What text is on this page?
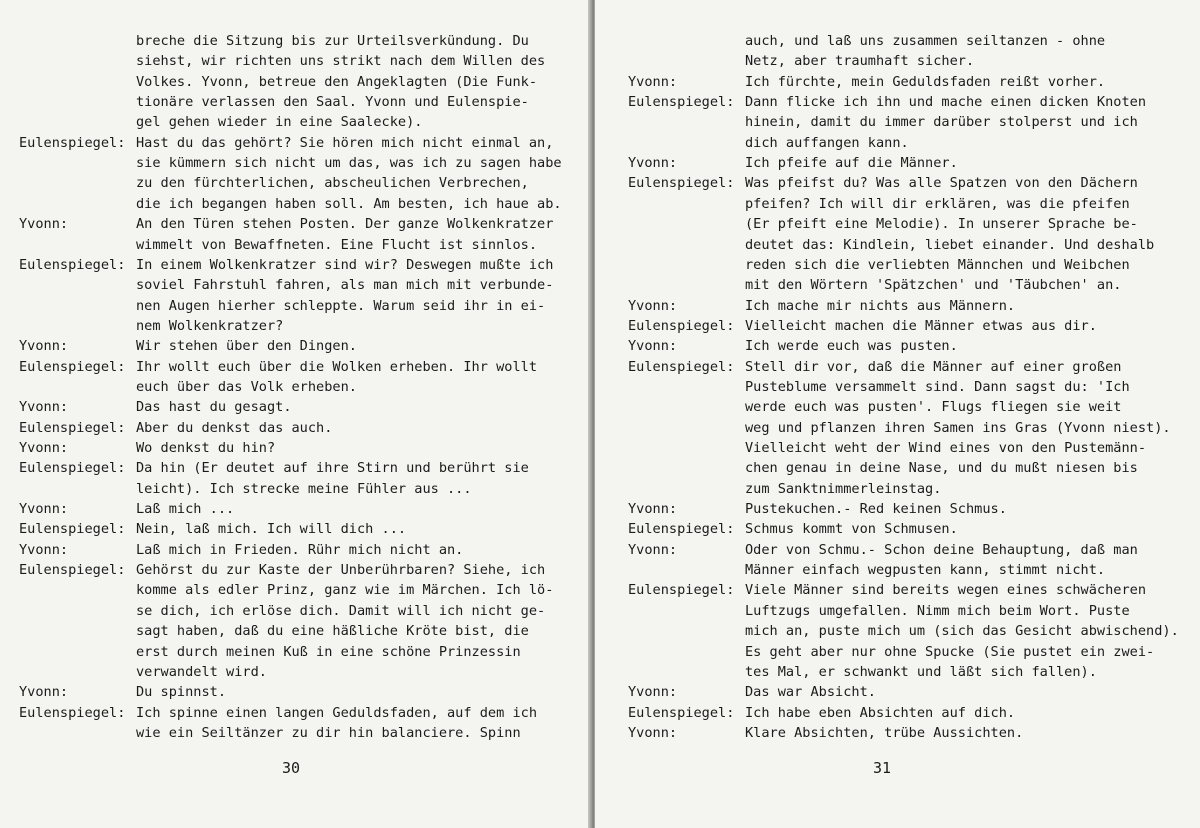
breche die Sitzung bis zur Urteilsverkündung. Du
siehst, wir richten uns strikt nach dem Willen des
Volkes. Yvonn, betreue den Angeklagten (Die Funk-
tionäre verlassen den Saal. Yvonn und Eulenspie-
gel gehen wieder in eine Saalecke).
Eulenspiegel: Hast du das gehört? Sie hören mich nicht einmal an,
sie kümmern sich nicht um das, was ich zu sagen habe
zu den fürchterlichen, abscheulichen Verbrechen,
die ich begangen haben soll. Am besten, ich haue ab.
Yvonn:	An den Türen stehen Posten. Der ganze Wolkenkratzer
wimmelt von Bewaffneten. Eine Flucht ist sinnlos.
Eulenspiegel: In einem Wolkenkratzer sind wir? Deswegen mußte ich
soviel Fahrstuhl fahren, als man mich mit verbunde-
nen Augen hierher schleppte. Warum seid ihr in ei-
nem Wolkenkratzer?
Yvonn:	Wir stehen über den Dingen.
Eulenspiegel: Ihr wollt euch über die Wolken erheben. Ihr wollt
euch über das Volk erheben.
Yvonn:	Das hast du gesagt.
Eulenspiegel: Aber du denkst das auch.
Yvonn:	Wo denkst du hin?
Eulenspiegel: Da hin (Er deutet auf ihre Stirn und berührt sie
leicht). Ich strecke meine Fühler aus ...
Yvonn:	Laß mich ...
Eulenspiegel: Nein, laß mich. Ich will dich ...
Yvonn:	Laß mich in Frieden. Rühr mich nicht an.
Eulenspiegel: Gehörst du zur Kaste der Unberührbaren? Siehe, ich
komme als edler Prinz, ganz wie im Märchen. Ich lö-
se dich, ich erlöse dich. Damit will ich nicht ge-
sagt haben, daß du eine häßliche Kröte bist, die
erst durch meinen Kuß in eine schöne Prinzessin
verwandelt wird.
Yvonn:	Du spinnst.
Eulenspiegel: Ich spinne einen langen Geduldsfaden, auf dem ich
wie ein Seiltänzer zu dir hin balanciere. Spinn
30
auch, und laß uns zusammen seiltanzen - ohne
Netz, aber traumhaft sicher.
Yvonn:	Ich fürchte, mein Geduldsfaden reißt vorher.
Eulenspiegel: Dann flicke ich ihn und mache einen dicken Knoten
hinein, damit du immer darüber stolperst und ich
dich auffangen kann.
Yvonn:	Ich pfeife auf die Männer.
Eulenspiegel: Was pfeifst du? Was alle Spatzen von den Dächern
pfeifen? Ich will dir erklären, was die pfeifen
(Er pfeift eine Melodie). In unserer Sprache be-
deutet das: Kindlein, liebet einander. Und deshalb
reden sich die verliebten Männchen und Weibchen
mit den Wörtern 'Spätzchen' und 'Täubchen' an.
Yvonn:	Ich mache mir nichts aus Männern.
Eulenspiegel: Vielleicht machen die Männer etwas aus dir.
Yvonn:	Ich werde euch was pusten.
Eulenspiegel: Stell dir vor, daß die Männer auf einer großen
Pusteblume versammelt sind. Dann sagst du: 'Ich
werde euch was pusten'. Flugs fliegen sie weit
weg und pflanzen ihren Samen ins Gras (Yvonn niest).
Vielleicht weht der Wind eines von den Pustemänn-
chen genau in deine Nase, und du mußt niesen bis
zum Sanktnimmerleinstag.
Yvonn:	Pustekuchen.- Red keinen Schmus.
Eulenspiegel: Schmus kommt von Schmusen.
Yvonn:	Oder von Schmu.- Schon deine Behauptung, daß man
Männer einfach wegpusten kann, stimmt nicht.
Eulenspiegel: Viele Männer sind bereits wegen eines schwächeren
Luftzugs umgefallen. Nimm mich beim Wort. Puste
mich an, puste mich um (sich das Gesicht abwischend).
Es geht aber nur ohne Spucke (Sie pustet ein zwei-
tes Mal, er schwankt und läßt sich fallen).
Yvonn:	Das war Absicht.
Eulenspiegel: Ich habe eben Absichten auf dich.
Yvonn:	Klare Absichten, trübe Aussichten.
31
